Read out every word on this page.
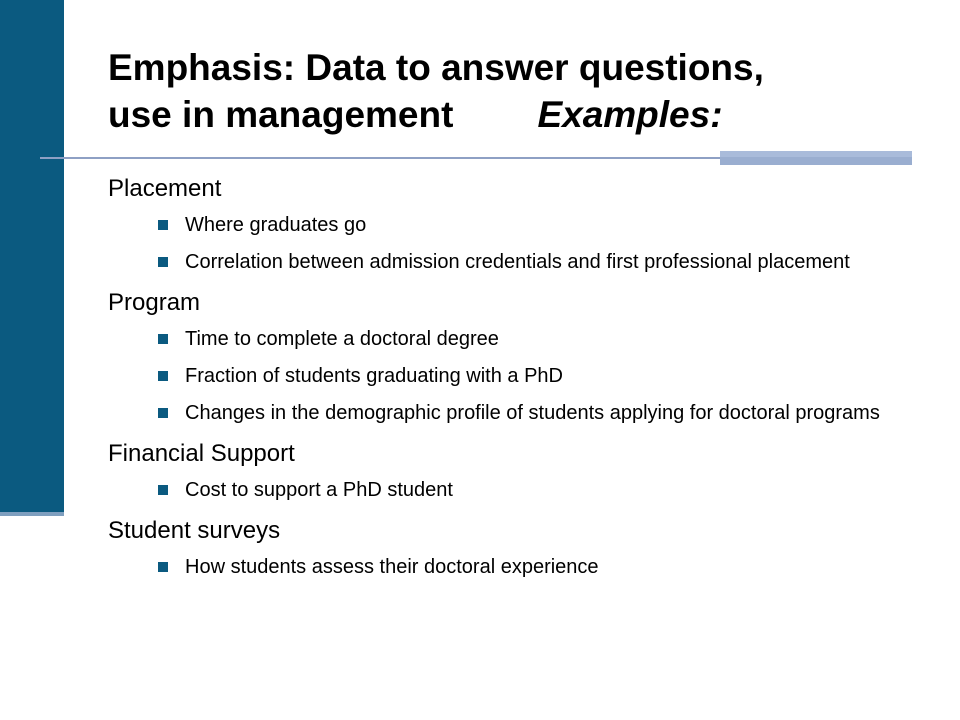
Emphasis: Data to answer questions,
use in management Examples:
Placement
Where graduates go
Correlation between admission credentials and first professional placement
Program
Time to complete a doctoral degree
Fraction of students graduating with a PhD
Changes in the demographic profile of students applying for doctoral programs
Financial Support
Cost to support a PhD student
Student surveys
How students assess their doctoral experience
